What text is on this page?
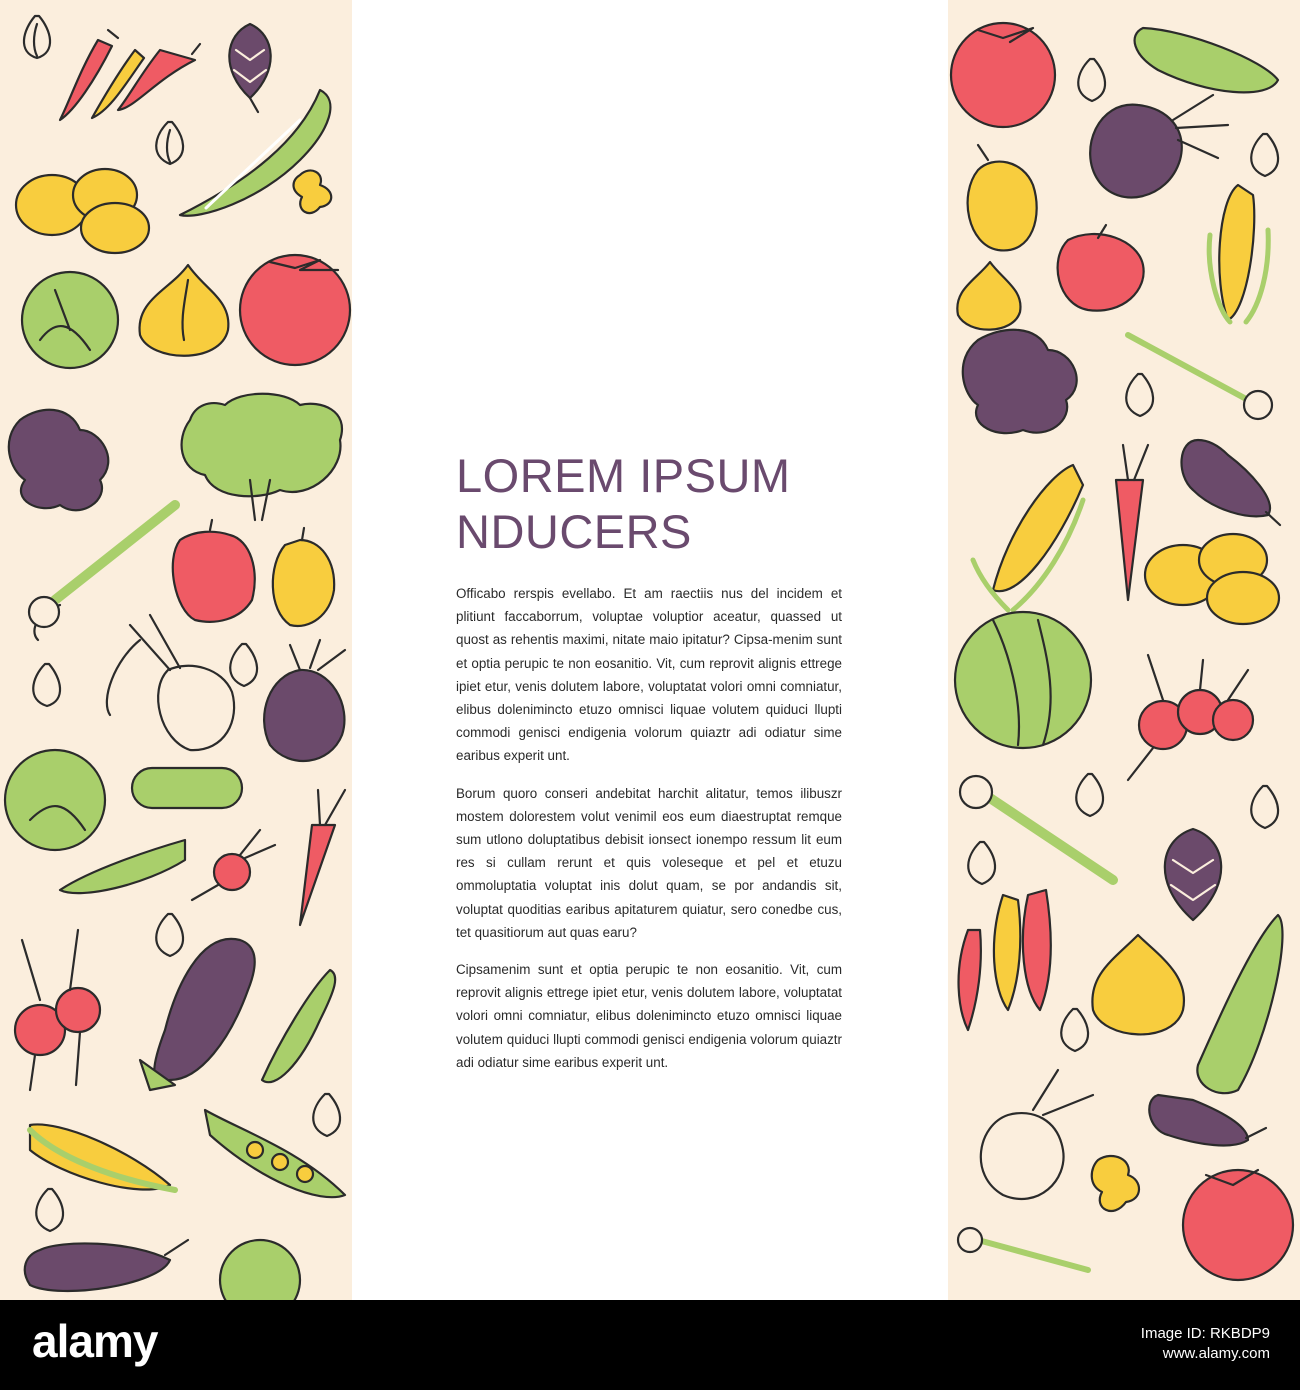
LOREM IPSUM
NDUCERS

Officabo rerspis evellabo. Et am raectiis nus del incidem et plitiunt faccaborrum, voluptae voluptior aceatur, quassed ut quost as rehentis maximi, nitate maio ipitatur? Cipsa-menim sunt et optia perupic te non eosanitio. Vit, cum reprovit alignis ettrege ipiet etur, venis dolutem labore, voluptatat volori omni comniatur, elibus dolenimincto etuzo omnisci liquae volutem quiduci llupti commodi genisci endigenia volorum quiaztr adi odiatur sime earibus experit unt.

Borum quoro conseri andebitat harchit alitatur, temos ilibuszr mostem dolorestem volut venimil eos eum diaestruptat remque sum utlono doluptatibus debisit ionsect ionempo ressum lit eum res si cullam rerunt et quis voleseque et pel et etuzu ommoluptatia voluptat inis dolut quam, se por andandis sit, voluptat quoditias earibus apitaturem quiatur, sero conedbe cus, tet quasitiorum aut quas earu?

Cipsamenim sunt et optia perupic te non eosanitio. Vit, cum reprovit alignis ettrege ipiet etur, venis dolutem labore, voluptatat volori omni comniatur, elibus dolenimincto etuzo omnisci liquae volutem quiduci llupti commodi genisci endigenia volorum quiaztr adi odiatur sime earibus experit unt.

alamy	Image ID: RKBDP9
www.alamy.com
